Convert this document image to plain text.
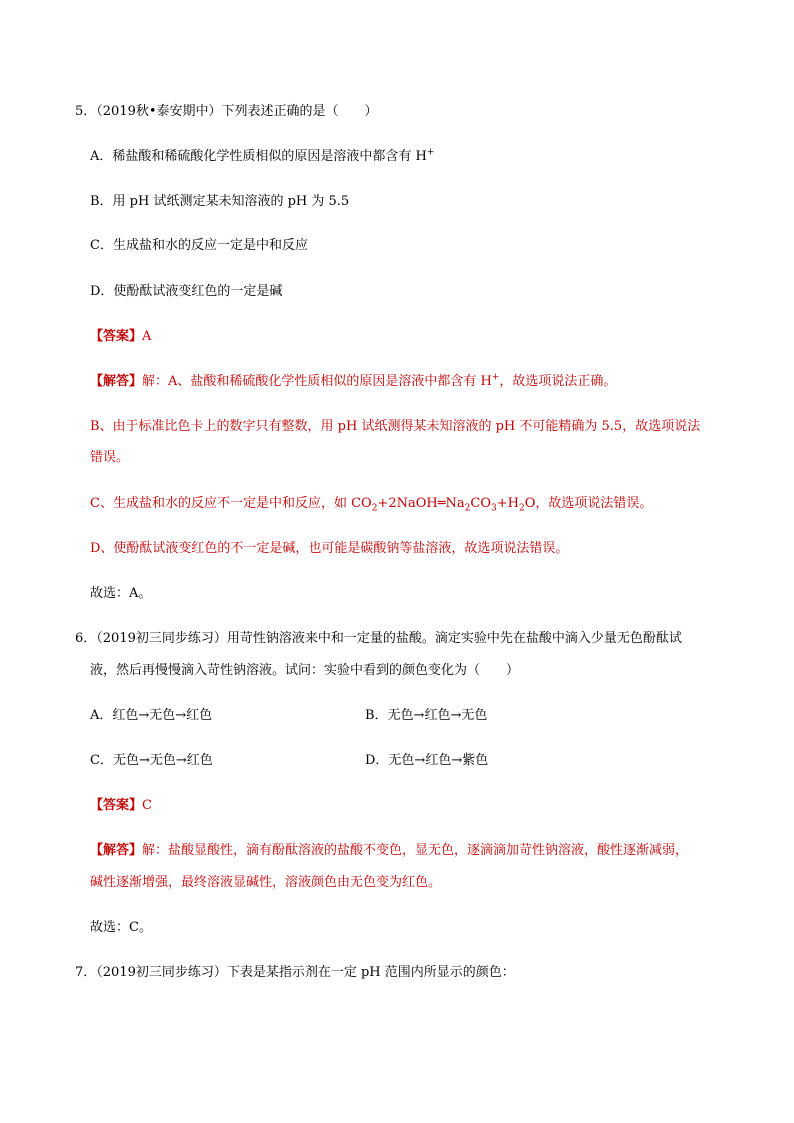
5．（2019秋•泰安期中）下列表述正确的是（　　）
A．稀盐酸和稀硫酸化学性质相似的原因是溶液中都含有 H+
B．用 pH 试纸测定某未知溶液的 pH 为 5.5
C．生成盐和水的反应一定是中和反应
D．使酚酞试液变红色的一定是碱
【答案】A
【解答】解：A、盐酸和稀硫酸化学性质相似的原因是溶液中都含有 H+，故选项说法正确。
B、由于标准比色卡上的数字只有整数，用 pH 试纸测得某未知溶液的 pH 不可能精确为 5.5，故选项说法
错误。
C、生成盐和水的反应不一定是中和反应，如 $CO_2+2NaOH═Na_2CO_3+H_2O$，故选项说法错误。
D、使酚酞试液变红色的不一定是碱，也可能是碳酸钠等盐溶液，故选项说法错误。
故选：A。
6．（2019初三同步练习）用苛性钠溶液来中和一定量的盐酸。滴定实验中先在盐酸中滴入少量无色酚酞试
液，然后再慢慢滴入苛性钠溶液。试问：实验中看到的颜色变化为（　　）
A．红色→无色→红色	B．无色→红色→无色
C．无色→无色→红色	D．无色→红色→紫色
【答案】C
【解答】解：盐酸显酸性，滴有酚酞溶液的盐酸不变色，显无色，逐滴滴加苛性钠溶液，酸性逐渐减弱，
碱性逐渐增强，最终溶液显碱性，溶液颜色由无色变为红色。
故选：C。
7．（2019初三同步练习）下表是某指示剂在一定 pH 范围内所显示的颜色：
